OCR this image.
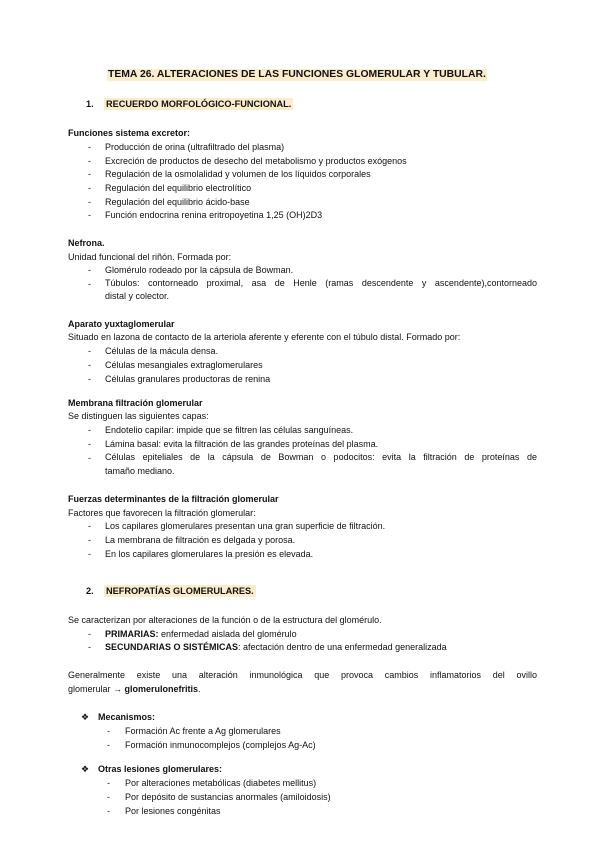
TEMA 26. ALTERACIONES DE LAS FUNCIONES GLOMERULAR Y TUBULAR.
1. RECUERDO MORFOLÓGICO-FUNCIONAL.
Funciones sistema excretor:
- Producción de orina (ultrafiltrado del plasma)
- Excreción de productos de desecho del metabolismo y productos exógenos
- Regulación de la osmolalidad y volumen de los líquidos corporales
- Regulación del equilibrio electrolítico
- Regulación del equilibrio ácido-base
- Función endocrina renina eritropoyetina 1,25 (OH)2D3
Nefrona.
Unidad funcional del riñón. Formada por:
- Glomérulo rodeado por la cápsula de Bowman.
- Túbulos: contorneado proximal, asa de Henle (ramas descendente y ascendente),contorneado
distal y colector.
Aparato yuxtaglomerular
Situado en lazona de contacto de la arteriola aferente y eferente con el túbulo distal. Formado por:
- Células de la mácula densa.
- Células mesangiales extraglomerulares
- Células granulares productoras de renina
Membrana filtración glomerular
Se distinguen las siguientes capas:
- Endotelio capilar: impide que se filtren las células sanguíneas.
- Lámina basal: evita la filtración de las grandes proteínas del plasma.
- Células epiteliales de la cápsula de Bowman o podocitos: evita la filtración de proteínas de
tamaño mediano.
Fuerzas determinantes de la filtración glomerular
Factores que favorecen la filtración glomerular:
- Los capilares glomerulares presentan una gran superficie de filtración.
- La membrana de filtración es delgada y porosa.
- En los capilares glomerulares la presión es elevada.
2. NEFROPATÍAS GLOMERULARES.
Se caracterizan por alteraciones de la función o de la estructura del glomérulo.
- PRIMARIAS: enfermedad aislada del glomérulo
- SECUNDARIAS O SISTÉMICAS: afectación dentro de una enfermedad generalizada
Generalmente existe una alteración inmunológica que provoca cambios inflamatorios del ovillo
glomerular → glomerulonefritis.
❖ Mecanismos:
- Formación Ac frente a Ag glomerulares
- Formación inmunocomplejos (complejos Ag-Ac)
❖ Otras lesiones glomerulares:
- Por alteraciones metabólicas (diabetes mellitus)
- Por depósito de sustancias anormales (amiloidosis)
- Por lesiones congénitas
